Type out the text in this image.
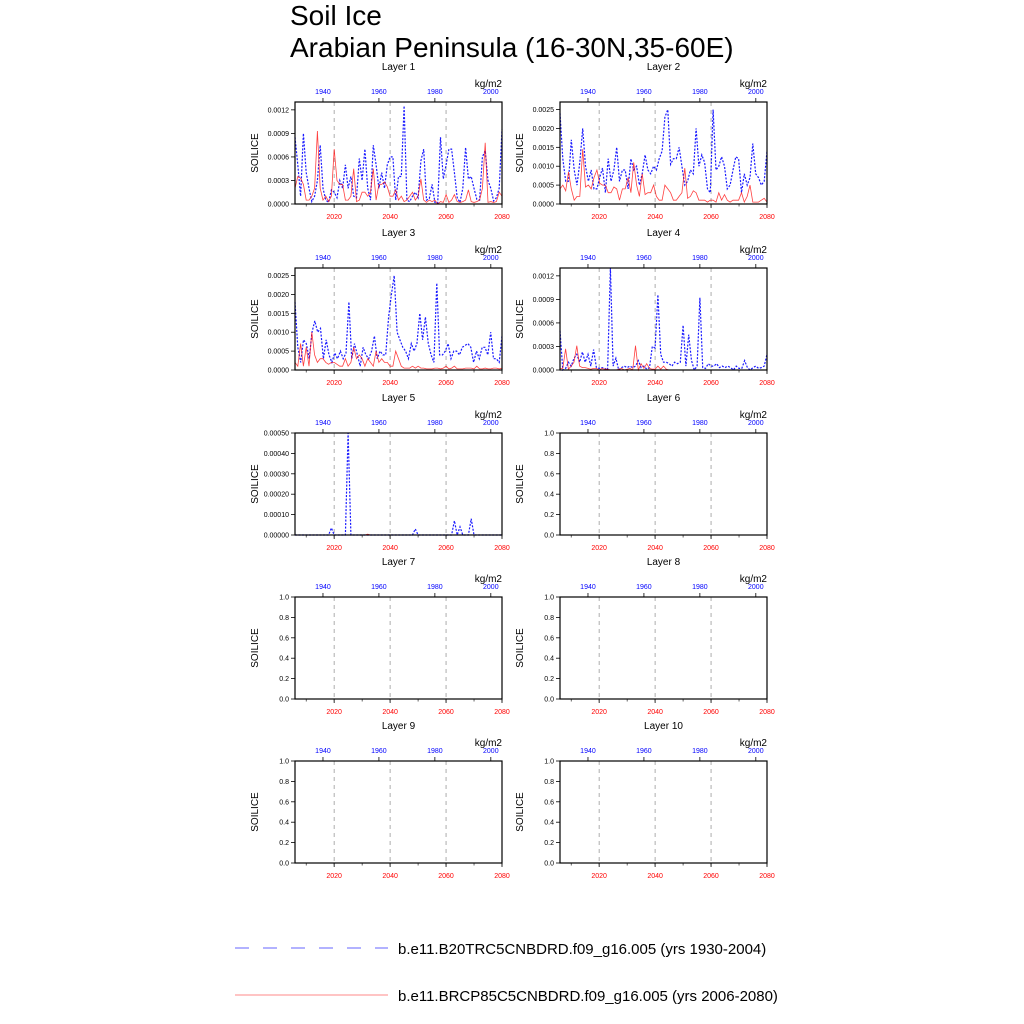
Soil Ice
Arabian Peninsula (16-30N,35-60E)
Layer 1
kg/m2
SOILICE
0.0000
0.0003
0.0006
0.0009
0.0012
2020	2040	2060	2080
1940	1960	1980	2000
Layer 2
kg/m2
SOILICE
0.0000
0.0005
0.0010
0.0015
0.0020
0.0025
2020	2040	2060	2080
1940	1960	1980	2000
Layer 3
kg/m2
SOILICE
0.0000
0.0005
0.0010
0.0015
0.0020
0.0025
2020	2040	2060	2080
1940	1960	1980	2000
Layer 4
kg/m2
SOILICE
0.0000
0.0003
0.0006
0.0009
0.0012
2020	2040	2060	2080
1940	1960	1980	2000
Layer 5
kg/m2
SOILICE
0.00000
0.00010
0.00020
0.00030
0.00040
0.00050
2020	2040	2060	2080
1940	1960	1980	2000
Layer 6
kg/m2
SOILICE
0.0
0.2
0.4
0.6
0.8
1.0
2020	2040	2060	2080
1940	1960	1980	2000
Layer 7
kg/m2
SOILICE
0.0
0.2
0.4
0.6
0.8
1.0
2020	2040	2060	2080
1940	1960	1980	2000
Layer 8
kg/m2
SOILICE
0.0
0.2
0.4
0.6
0.8
1.0
2020	2040	2060	2080
1940	1960	1980	2000
Layer 9
kg/m2
SOILICE
0.0
0.2
0.4
0.6
0.8
1.0
2020	2040	2060	2080
1940	1960	1980	2000
Layer 10
kg/m2
SOILICE
0.0
0.2
0.4
0.6
0.8
1.0
2020	2040	2060	2080
1940	1960	1980	2000
b.e11.B20TRC5CNBDRD.f09_g16.005 (yrs 1930-2004)
b.e11.BRCP85C5CNBDRD.f09_g16.005 (yrs 2006-2080)
